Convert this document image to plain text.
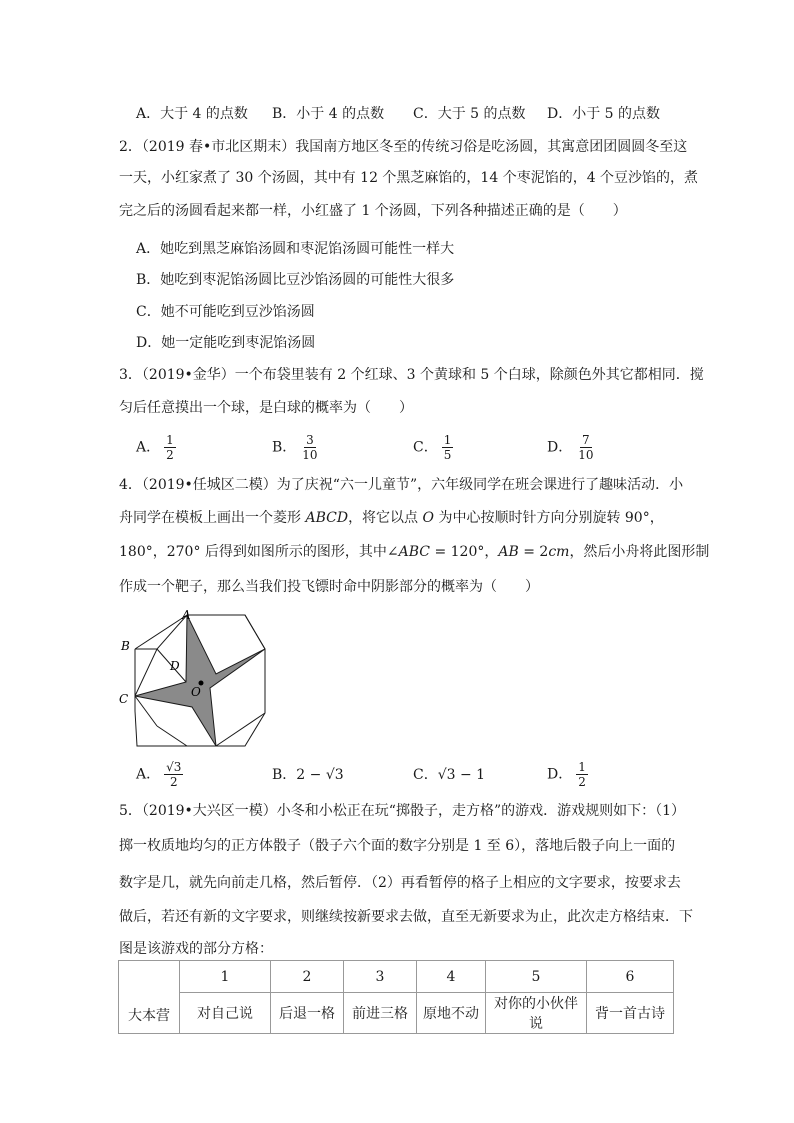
A．大于 4 的点数 B．小于 4 的点数 C．大于 5 的点数 D．小于 5 的点数
2．（2019 春•市北区期末）我国南方地区冬至的传统习俗是吃汤圆，其寓意团团圆圆冬至这
一天，小红家煮了 30 个汤圆，其中有 12 个黑芝麻馅的，14 个枣泥馅的，4 个豆沙馅的，煮
完之后的汤圆看起来都一样，小红盛了 1 个汤圆，下列各种描述正确的是（　　）
A．她吃到黑芝麻馅汤圆和枣泥馅汤圆可能性一样大
B．她吃到枣泥馅汤圆比豆沙馅汤圆的可能性大很多
C．她不可能吃到豆沙馅汤圆
D．她一定能吃到枣泥馅汤圆
3．（2019•金华）一个布袋里装有 2 个红球、3 个黄球和 5 个白球，除颜色外其它都相同．搅
匀后任意摸出一个球，是白球的概率为（　　）
A． $\frac{1}{2}$	B． $\frac{3}{10}$	C． $\frac{1}{5}$	D． $\frac{7}{10}$
4．（2019•任城区二模）为了庆祝“六一儿童节”，六年级同学在班会课进行了趣味活动．小
舟同学在模板上画出一个菱形 ABCD，将它以点 O 为中心按顺时针方向分别旋转 90°，
180°，270° 后得到如图所示的图形，其中∠ABC = 120°，AB = 2cm，然后小舟将此图形制
作成一个靶子，那么当我们投飞镖时命中阴影部分的概率为（　　）
A
B
C
D
O
A． $\frac{√3}{2}$	B．2 − √3	C．√3 − 1	D． $\frac{1}{2}$
5．（2019•大兴区一模）小冬和小松正在玩“掷骰子，走方格”的游戏．游戏规则如下：（1）
掷一枚质地均匀的正方体骰子（骰子六个面的数字分别是 1 至 6），落地后骰子向上一面的
数字是几，就先向前走几格，然后暂停．（2）再看暂停的格子上相应的文字要求，按要求去
做后，若还有新的文字要求，则继续按新要求去做，直至无新要求为止，此次走方格结束．下
图是该游戏的部分方格：
大本营	1	2	3	4	5	6
	对自己说	后退一格	前进三格	原地不动	对你的小伙伴说	背一首古诗
